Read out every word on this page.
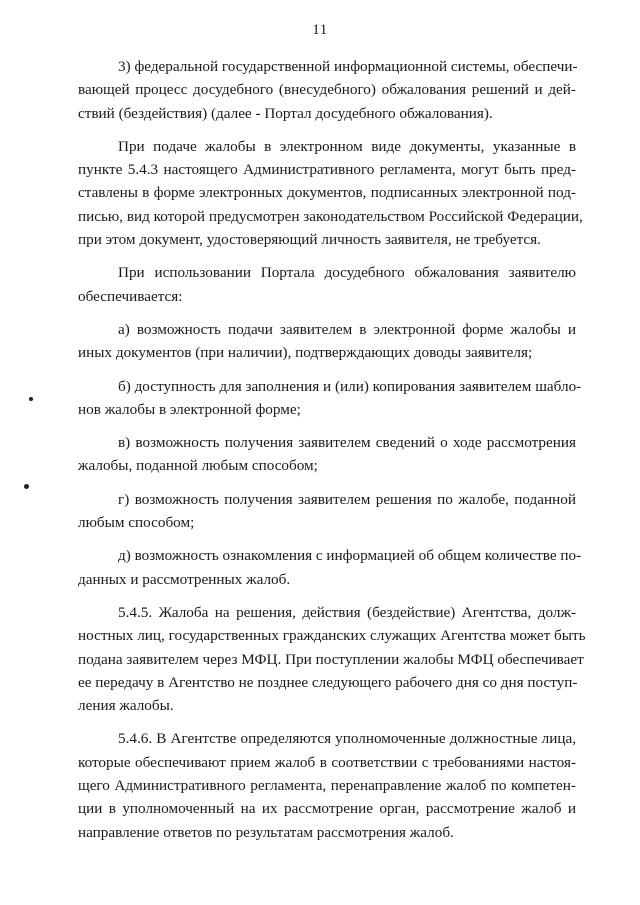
11
3) федеральной государственной информационной системы, обеспечи-
вающей процесс досудебного (внесудебного) обжалования решений и дей-
ствий (бездействия) (далее - Портал досудебного обжалования).
При подаче жалобы в электронном виде документы, указанные в
пункте 5.4.3 настоящего Административного регламента, могут быть пред-
ставлены в форме электронных документов, подписанных электронной под-
писью, вид которой предусмотрен законодательством Российской Федерации,
при этом документ, удостоверяющий личность заявителя, не требуется.
При использовании Портала досудебного обжалования заявителю
обеспечивается:
а) возможность подачи заявителем в электронной форме жалобы и
иных документов (при наличии), подтверждающих доводы заявителя;
б) доступность для заполнения и (или) копирования заявителем шабло-
нов жалобы в электронной форме;
в) возможность получения заявителем сведений о ходе рассмотрения
жалобы, поданной любым способом;
г) возможность получения заявителем решения по жалобе, поданной
любым способом;
д) возможность ознакомления с информацией об общем количестве по-
данных и рассмотренных жалоб.
5.4.5. Жалоба на решения, действия (бездействие) Агентства, долж-
ностных лиц, государственных гражданских служащих Агентства может быть
подана заявителем через МФЦ. При поступлении жалобы МФЦ обеспечивает
ее передачу в Агентство не позднее следующего рабочего дня со дня поступ-
ления жалобы.
5.4.6. В Агентстве определяются уполномоченные должностные лица,
которые обеспечивают прием жалоб в соответствии с требованиями настоя-
щего Административного регламента, перенаправление жалоб по компетен-
ции в уполномоченный на их рассмотрение орган, рассмотрение жалоб и
направление ответов по результатам рассмотрения жалоб.
